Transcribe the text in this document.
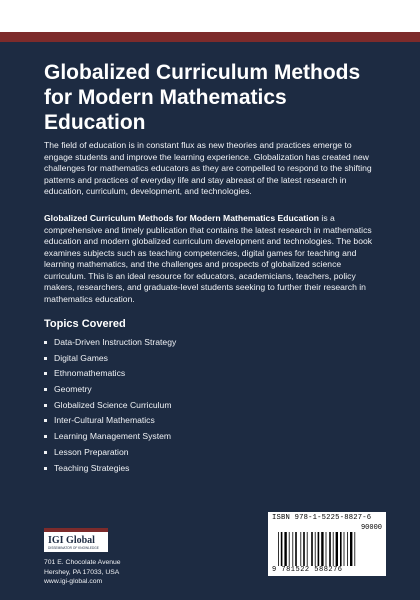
Globalized Curriculum Methods for Modern Mathematics Education

The field of education is in constant flux as new theories and practices emerge to engage students and improve the learning experience. Globalization has created new challenges for mathematics educators as they are compelled to respond to the shifting patterns and practices of everyday life and stay abreast of the latest research in education, curriculum, development, and technologies.

Globalized Curriculum Methods for Modern Mathematics Education is a comprehensive and timely publication that contains the latest research in mathematics education and modern globalized curriculum development and technologies. The book examines subjects such as teaching competencies, digital games for teaching and learning mathematics, and the challenges and prospects of globalized science curriculum. This is an ideal resource for educators, academicians, teachers, policy makers, researchers, and graduate-level students seeking to further their research in mathematics education.

Topics Covered
Data-Driven Instruction Strategy
Digital Games
Ethnomathematics
Geometry
Globalized Science Curriculum
Inter-Cultural Mathematics
Learning Management System
Lesson Preparation
Teaching Strategies
IGI Global
DISSEMINATOR OF KNOWLEDGE
701 E. Chocolate Avenue
Hershey, PA 17033, USA
www.igi-global.com
ISBN 978-1-5225-8827-6
90000
9 781522 588276
